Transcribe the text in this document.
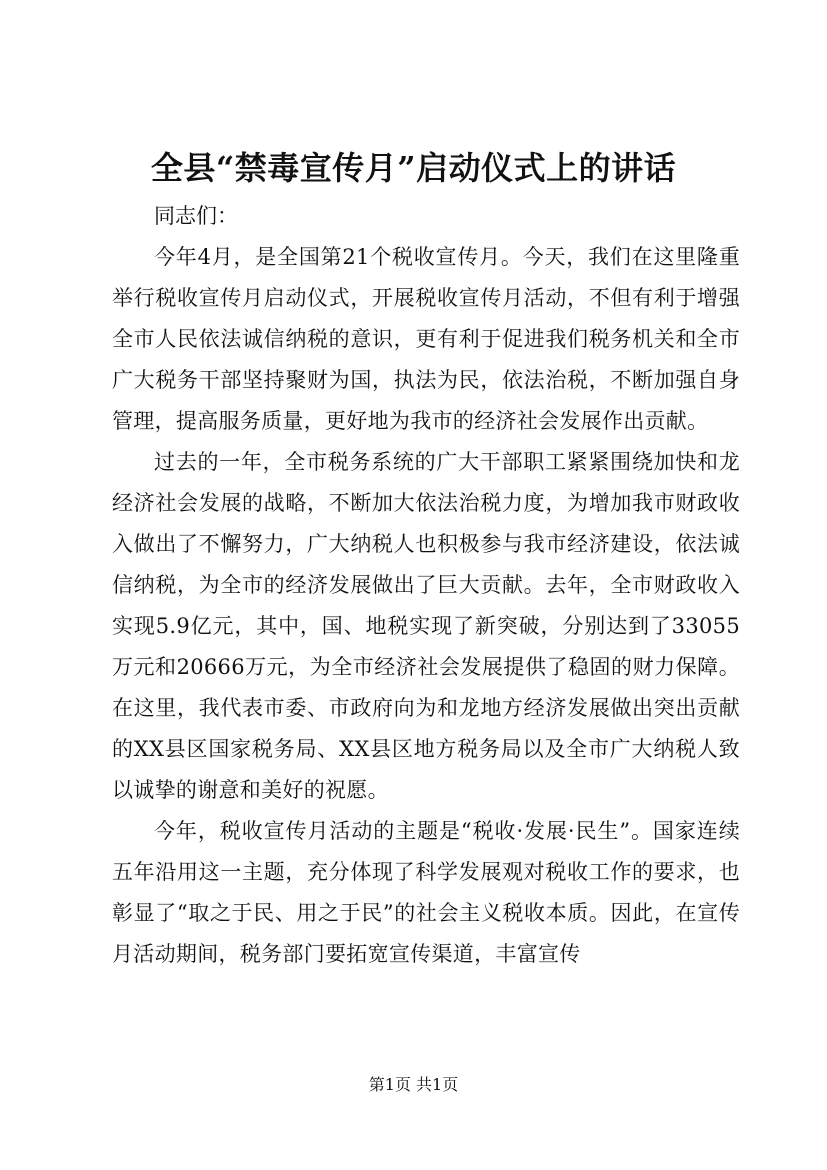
全县“禁毒宣传月”启动仪式上的讲话

同志们：

今年4月，是全国第21个税收宣传月。今天，我们在这里隆重举行税收宣传月启动仪式，开展税收宣传月活动，不但有利于增强全市人民依法诚信纳税的意识，更有利于促进我们税务机关和全市广大税务干部坚持聚财为国，执法为民，依法治税，不断加强自身管理，提高服务质量，更好地为我市的经济社会发展作出贡献。

过去的一年，全市税务系统的广大干部职工紧紧围绕加快和龙经济社会发展的战略，不断加大依法治税力度，为增加我市财政收入做出了不懈努力，广大纳税人也积极参与我市经济建设，依法诚信纳税，为全市的经济发展做出了巨大贡献。去年，全市财政收入实现5.9亿元，其中，国、地税实现了新突破，分别达到了33055万元和20666万元，为全市经济社会发展提供了稳固的财力保障。在这里，我代表市委、市政府向为和龙地方经济发展做出突出贡献的XX县区国家税务局、XX县区地方税务局以及全市广大纳税人致以诚挚的谢意和美好的祝愿。

今年，税收宣传月活动的主题是“税收·发展·民生”。国家连续五年沿用这一主题，充分体现了科学发展观对税收工作的要求，也彰显了“取之于民、用之于民”的社会主义税收本质。因此，在宣传月活动期间，税务部门要拓宽宣传渠道，丰富宣传

第1页 共1页
